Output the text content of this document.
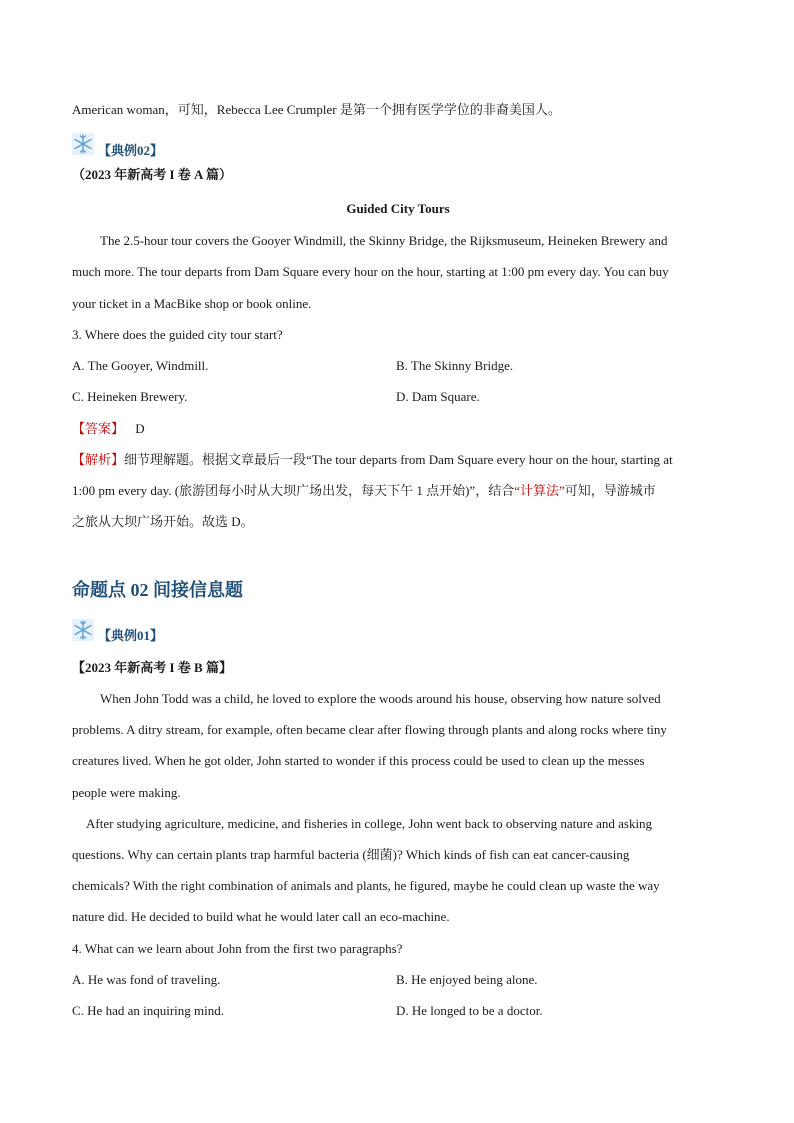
American woman，可知，Rebecca Lee Crumpler 是第一个拥有医学学位的非裔美国人。
【典例02】
（2023 年新高考 I 卷 A 篇）
Guided City Tours
The 2.5-hour tour covers the Gooyer Windmill, the Skinny Bridge, the Rijksmuseum, Heineken Brewery and
much more. The tour departs from Dam Square every hour on the hour, starting at 1:00 pm every day. You can buy
your ticket in a MacBike shop or book online.
3. Where does the guided city tour start?
A. The Gooyer, Windmill.	B. The Skinny Bridge.
C. Heineken Brewery.	D. Dam Square.
【答案】 D
【解析】细节理解题。根据文章最后一段“The tour departs from Dam Square every hour on the hour, starting at
1:00 pm every day. (旅游团每小时从大坝广场出发，每天下午 1 点开始)”，结合“计算法”可知，导游城市
之旅从大坝广场开始。故选 D。
命题点 02 间接信息题
【典例01】
【2023 年新高考 I 卷 B 篇】
When John Todd was a child, he loved to explore the woods around his house, observing how nature solved
problems. A ditry stream, for example, often became clear after flowing through plants and along rocks where tiny
creatures lived. When he got older, John started to wonder if this process could be used to clean up the messes
people were making.
After studying agriculture, medicine, and fisheries in college, John went back to observing nature and asking
questions. Why can certain plants trap harmful bacteria (细菌)? Which kinds of fish can eat cancer-causing
chemicals? With the right combination of animals and plants, he figured, maybe he could clean up waste the way
nature did. He decided to build what he would later call an eco-machine.
4. What can we learn about John from the first two paragraphs?
A. He was fond of traveling.	B. He enjoyed being alone.
C. He had an inquiring mind.	D. He longed to be a doctor.
